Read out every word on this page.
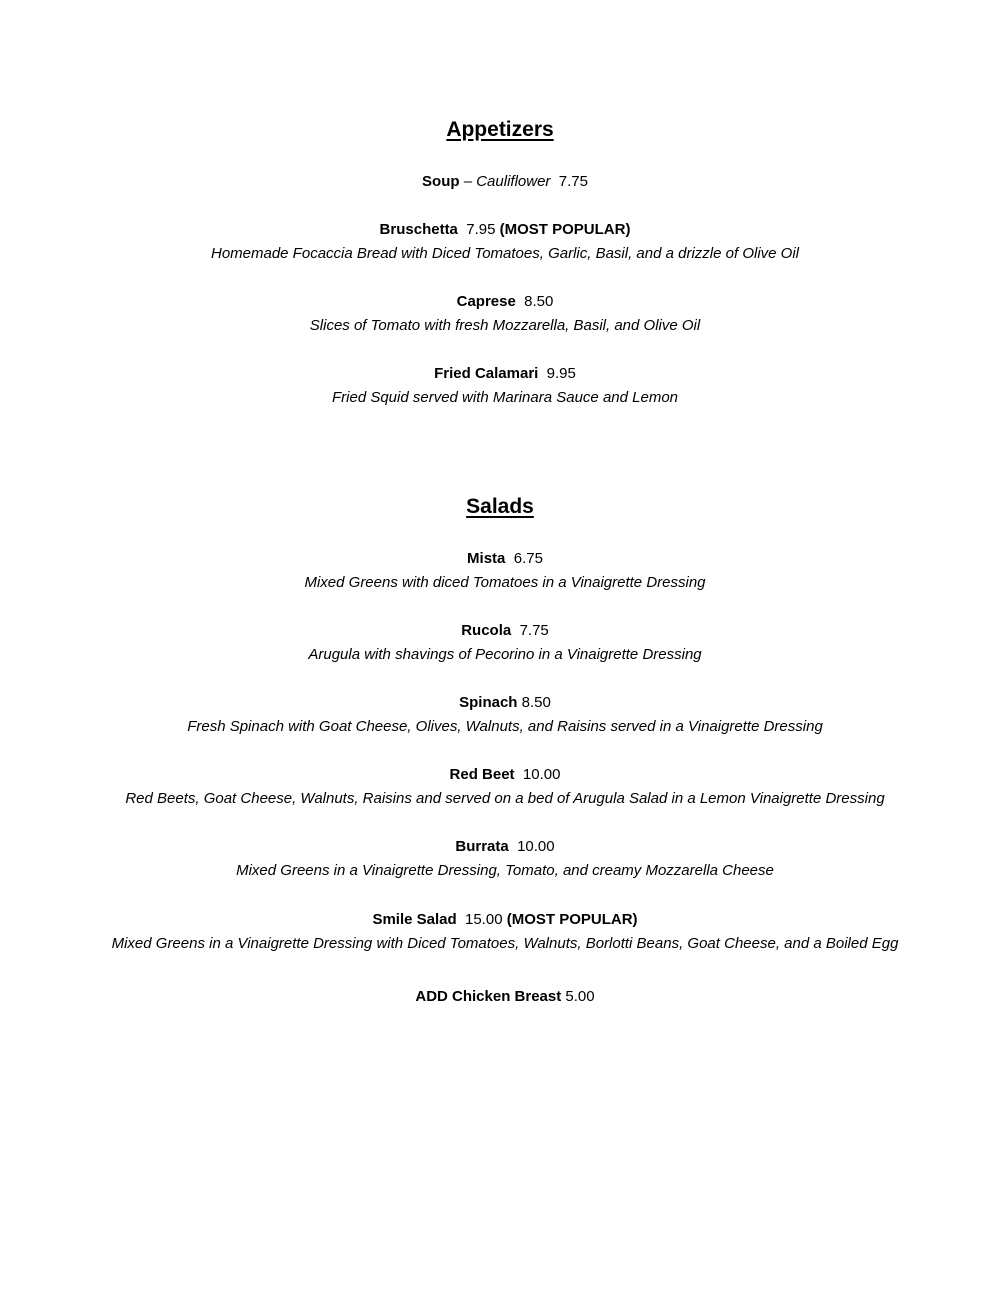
Appetizers
Soup – Cauliflower 7.75
Bruschetta 7.95 (MOST POPULAR)
Homemade Focaccia Bread with Diced Tomatoes, Garlic, Basil, and a drizzle of Olive Oil
Caprese 8.50
Slices of Tomato with fresh Mozzarella, Basil, and Olive Oil
Fried Calamari 9.95
Fried Squid served with Marinara Sauce and Lemon
Salads
Mista 6.75
Mixed Greens with diced Tomatoes in a Vinaigrette Dressing
Rucola 7.75
Arugula with shavings of Pecorino in a Vinaigrette Dressing
Spinach 8.50
Fresh Spinach with Goat Cheese, Olives, Walnuts, and Raisins served in a Vinaigrette Dressing
Red Beet 10.00
Red Beets, Goat Cheese, Walnuts, Raisins and served on a bed of Arugula Salad in a Lemon Vinaigrette Dressing
Burrata 10.00
Mixed Greens in a Vinaigrette Dressing, Tomato, and creamy Mozzarella Cheese
Smile Salad 15.00 (MOST POPULAR)
Mixed Greens in a Vinaigrette Dressing with Diced Tomatoes, Walnuts, Borlotti Beans, Goat Cheese, and a Boiled Egg
ADD Chicken Breast 5.00
